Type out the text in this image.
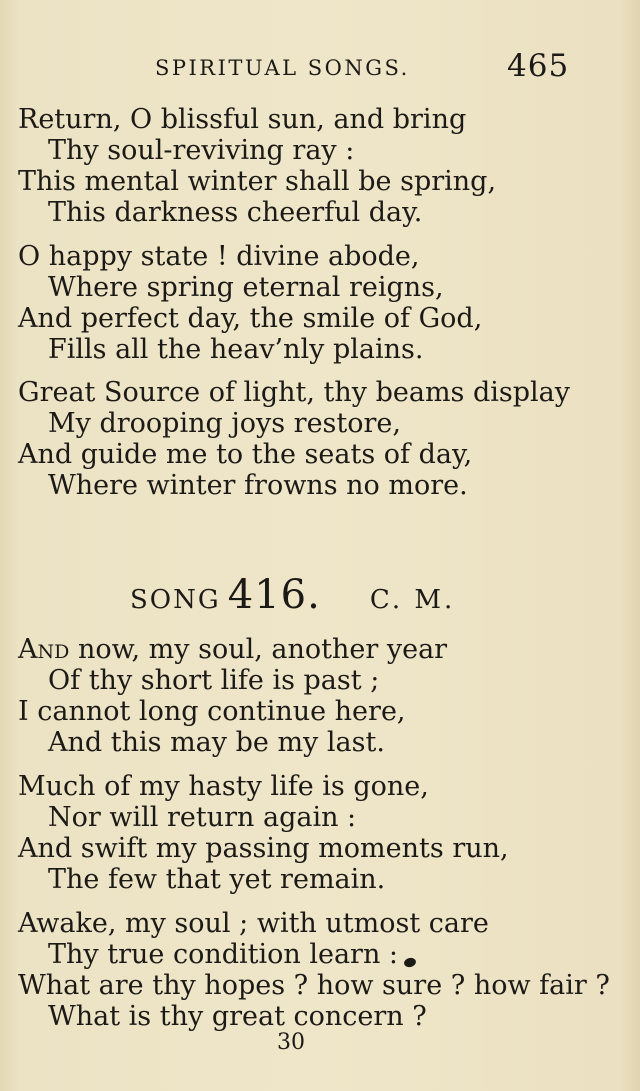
SPIRITUAL SONGS.	465
Return, O blissful sun, and bring
Thy soul-reviving ray :
This mental winter shall be spring,
This darkness cheerful day.
O happy state ! divine abode,
Where spring eternal reigns,
And perfect day, the smile of God,
Fills all the heav’nly plains.
Great Source of light, thy beams display
My drooping joys restore,
And guide me to the seats of day,
Where winter frowns no more.
SONG 416. C. M.
And now, my soul, another year
Of thy short life is past ;
I cannot long continue here,
And this may be my last.
Much of my hasty life is gone,
Nor will return again :
And swift my passing moments run,
The few that yet remain.
Awake, my soul ; with utmost care
Thy true condition learn :
What are thy hopes ? how sure ? how fair ?
What is thy great concern ?
30
